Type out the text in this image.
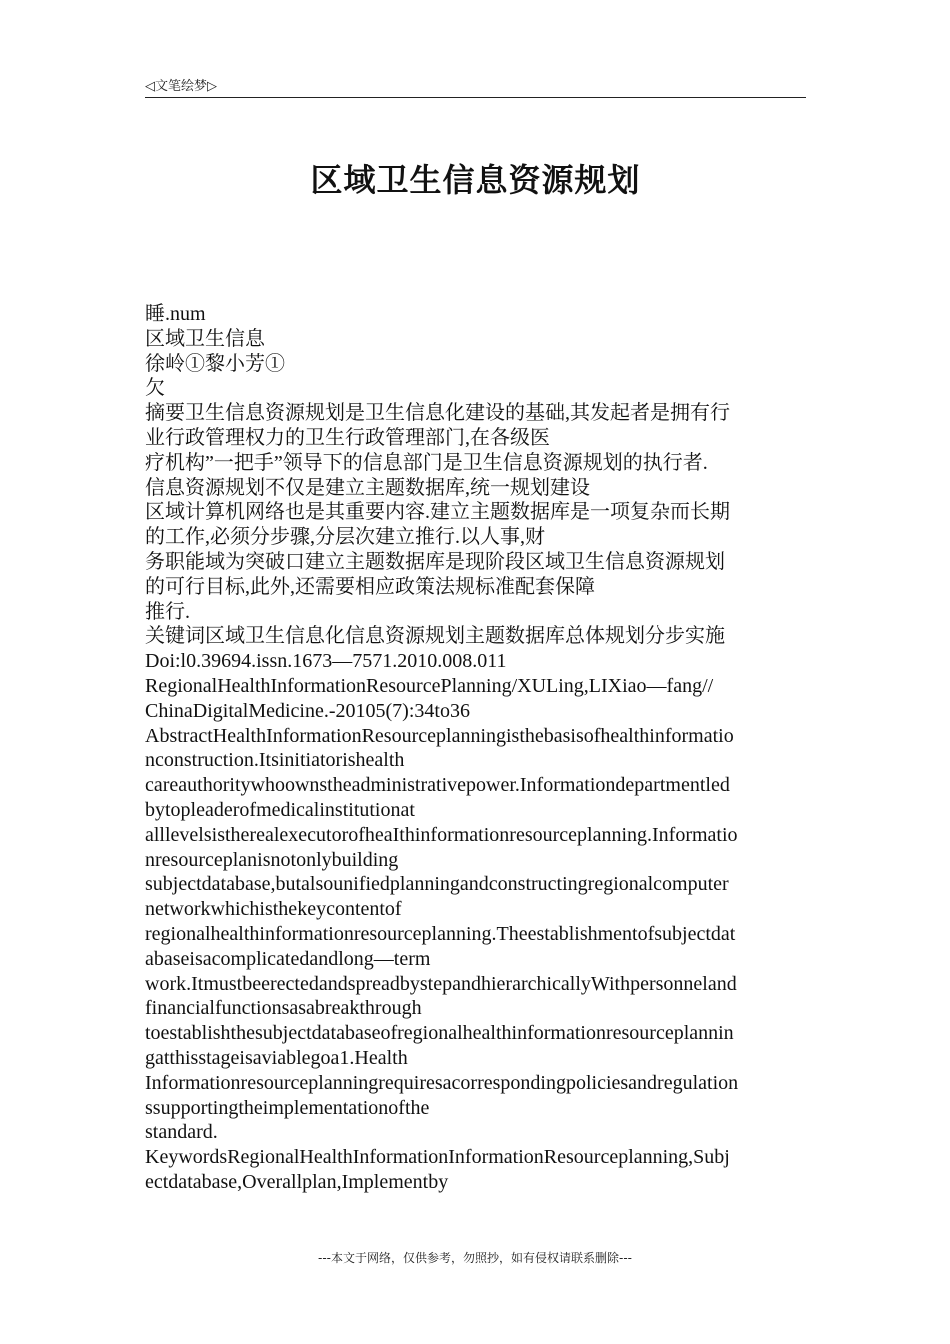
◁文笔绘梦▷
区域卫生信息资源规划
睡.num
区域卫生信息
徐岭①黎小芳①
欠
摘要卫生信息资源规划是卫生信息化建设的基础,其发起者是拥有行
业行政管理权力的卫生行政管理部门,在各级医
疗机构”一把手”领导下的信息部门是卫生信息资源规划的执行者.
信息资源规划不仅是建立主题数据库,统一规划建设
区域计算机网络也是其重要内容.建立主题数据库是一项复杂而长期
的工作,必须分步骤,分层次建立推行.以人事,财
务职能域为突破口建立主题数据库是现阶段区域卫生信息资源规划
的可行目标,此外,还需要相应政策法规标准配套保障
推行.
关键词区域卫生信息化信息资源规划主题数据库总体规划分步实施
Doi:l0.39694.issn.1673—7571.2010.008.011
RegionalHealthInformationResourcePlanning/XULing,LIXiao—fang//
ChinaDigitalMedicine.-20105(7):34to36
AbstractHealthInformationResourceplanningisthebasisofhealthinformatio
nconstruction.Itsinitiatorishealth
careauthoritywhoownstheadministrativepower.Informationdepartmentled
bytopleaderofmedicalinstitutionat
alllevelsistherealexecutorofheaIthinformationresourceplanning.Informatio
nresourceplanisnotonlybuilding
subjectdatabase,butalsounifiedplanningandconstructingregionalcomputer
networkwhichisthekeycontentof
regionalhealthinformationresourceplanning.Theestablishmentofsubjectdat
abaseisacomplicatedandlong—term
work.ItmustbeerectedandspreadbystepandhierarchicallyWithpersonneland
financialfunctionsasabreakthrough
toestablishthesubjectdatabaseofregionalhealthinformationresourceplannin
gatthisstageisaviablegoa1.Health
Informationresourceplanningrequiresacorrespondingpoliciesandregulation
ssupportingtheimplementationofthe
standard.
KeywordsRegionalHealthInformationInformationResourceplanning,Subj
ectdatabase,Overallplan,Implementby
---本文于网络，仅供参考，勿照抄，如有侵权请联系删除---
